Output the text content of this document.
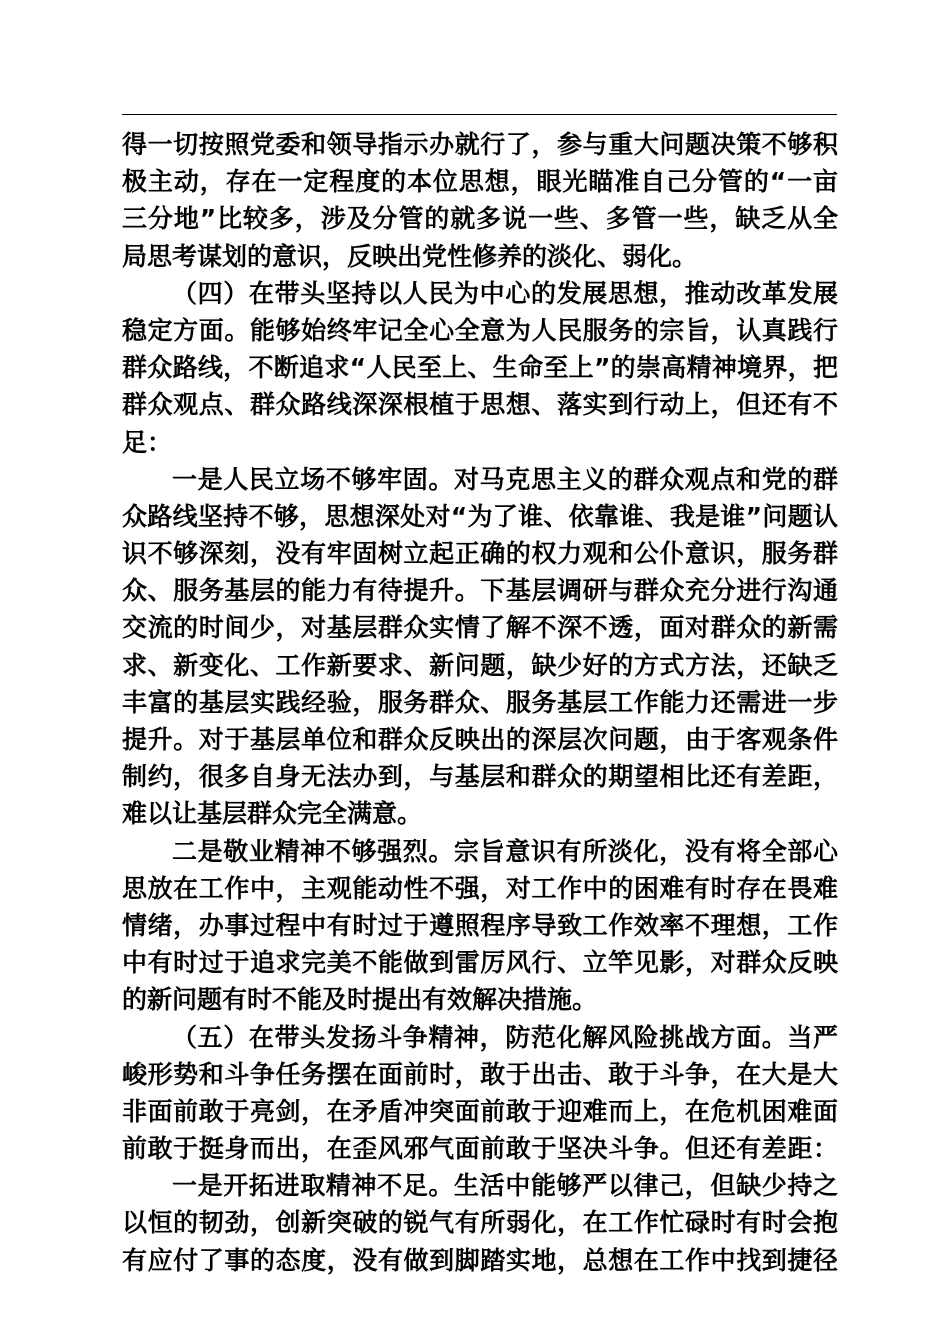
得一切按照党委和领导指示办就行了，参与重大问题决策不够积
极主动，存在一定程度的本位思想，眼光瞄准自己分管的“一亩
三分地”比较多，涉及分管的就多说一些、多管一些，缺乏从全
局思考谋划的意识，反映出党性修养的淡化、弱化。
（四）在带头坚持以人民为中心的发展思想，推动改革发展
稳定方面。能够始终牢记全心全意为人民服务的宗旨，认真践行
群众路线，不断追求“人民至上、生命至上”的崇高精神境界，把
群众观点、群众路线深深根植于思想、落实到行动上，但还有不
足：
一是人民立场不够牢固。对马克思主义的群众观点和党的群
众路线坚持不够，思想深处对“为了谁、依靠谁、我是谁”问题认
识不够深刻，没有牢固树立起正确的权力观和公仆意识，服务群
众、服务基层的能力有待提升。下基层调研与群众充分进行沟通
交流的时间少，对基层群众实情了解不深不透，面对群众的新需
求、新变化、工作新要求、新问题，缺少好的方式方法，还缺乏
丰富的基层实践经验，服务群众、服务基层工作能力还需进一步
提升。对于基层单位和群众反映出的深层次问题，由于客观条件
制约，很多自身无法办到，与基层和群众的期望相比还有差距，
难以让基层群众完全满意。
二是敬业精神不够强烈。宗旨意识有所淡化，没有将全部心
思放在工作中，主观能动性不强，对工作中的困难有时存在畏难
情绪，办事过程中有时过于遵照程序导致工作效率不理想，工作
中有时过于追求完美不能做到雷厉风行、立竿见影，对群众反映
的新问题有时不能及时提出有效解决措施。
（五）在带头发扬斗争精神，防范化解风险挑战方面。当严
峻形势和斗争任务摆在面前时，敢于出击、敢于斗争，在大是大
非面前敢于亮剑，在矛盾冲突面前敢于迎难而上，在危机困难面
前敢于挺身而出，在歪风邪气面前敢于坚决斗争。但还有差距：
一是开拓进取精神不足。生活中能够严以律己，但缺少持之
以恒的韧劲，创新突破的锐气有所弱化，在工作忙碌时有时会抱
有应付了事的态度，没有做到脚踏实地，总想在工作中找到捷径
